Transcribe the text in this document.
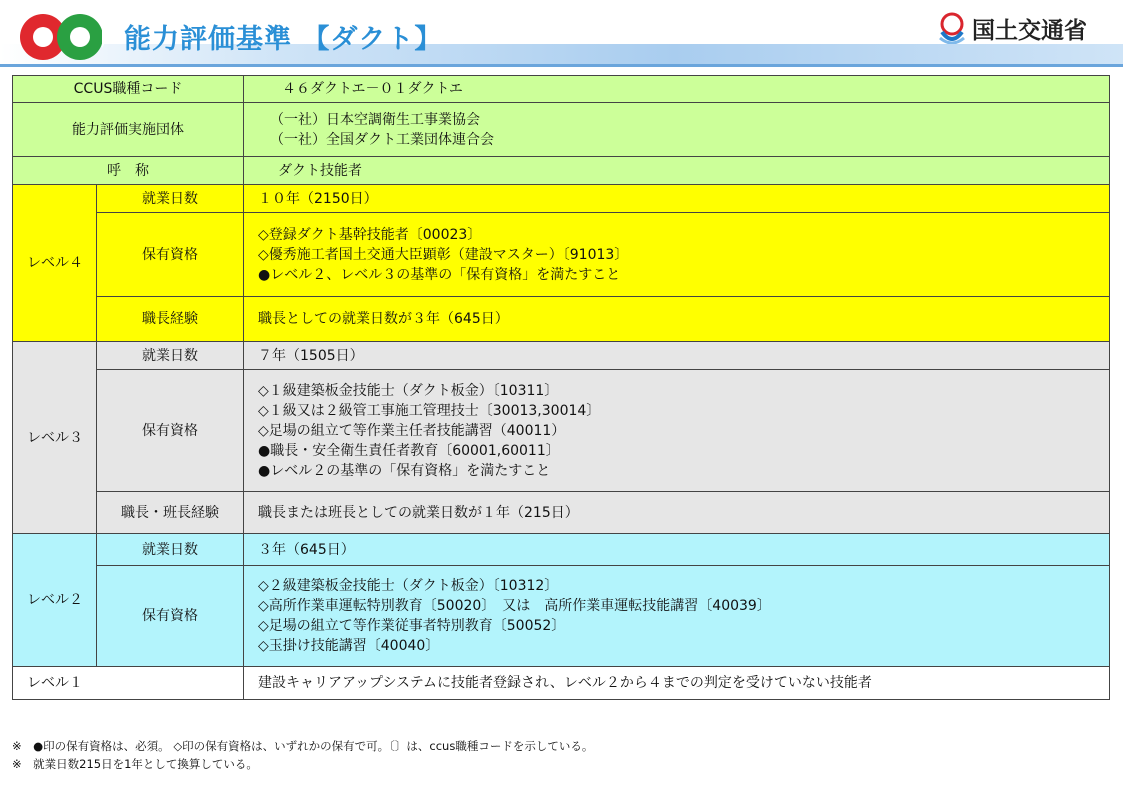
能力評価基準 【ダクト】	国土交通省
CCUS職種コード		４６ダクトエ－０１ダクトエ
能力評価実施団体		（一社）日本空調衛生工事業協会
（一社）全国ダクト工業団体連合会

呼　称		ダクト技能者
レベル４	就業日数	１０年（2150日）
	保有資格	◇登録ダクト基幹技能者〔00023〕
◇優秀施工者国土交通大臣顕彰（建設マスター）〔91013〕
●レベル２、レベル３の基準の「保有資格」を満たすこと

	職長経験	職長としての就業日数が３年（645日）
レベル３	就業日数	７年（1505日）
	保有資格	◇１級建築板金技能士（ダクト板金）〔10311〕
◇１級又は２級管工事施工管理技士〔30013,30014〕
◇足場の組立て等作業主任者技能講習（40011）
●職長・安全衛生責任者教育〔60001,60011〕
●レベル２の基準の「保有資格」を満たすこと

	職長・班長経験	職長または班長としての就業日数が１年（215日）
レベル２	就業日数	３年（645日）
	保有資格	◇２級建築板金技能士（ダクト板金）〔10312〕
◇高所作業車運転特別教育〔50020〕　又は　高所作業車運転技能講習〔40039〕
◇足場の組立て等作業従事者特別教育〔50052〕
◇玉掛け技能講習〔40040〕

レベル１		建設キャリアアップシステムに技能者登録され、レベル２から４までの判定を受けていない技能者
※　●印の保有資格は、必須。 ◇印の保有資格は、いずれかの保有で可。〔〕は、ccus職種コードを示している。
※　就業日数215日を1年として換算している。
